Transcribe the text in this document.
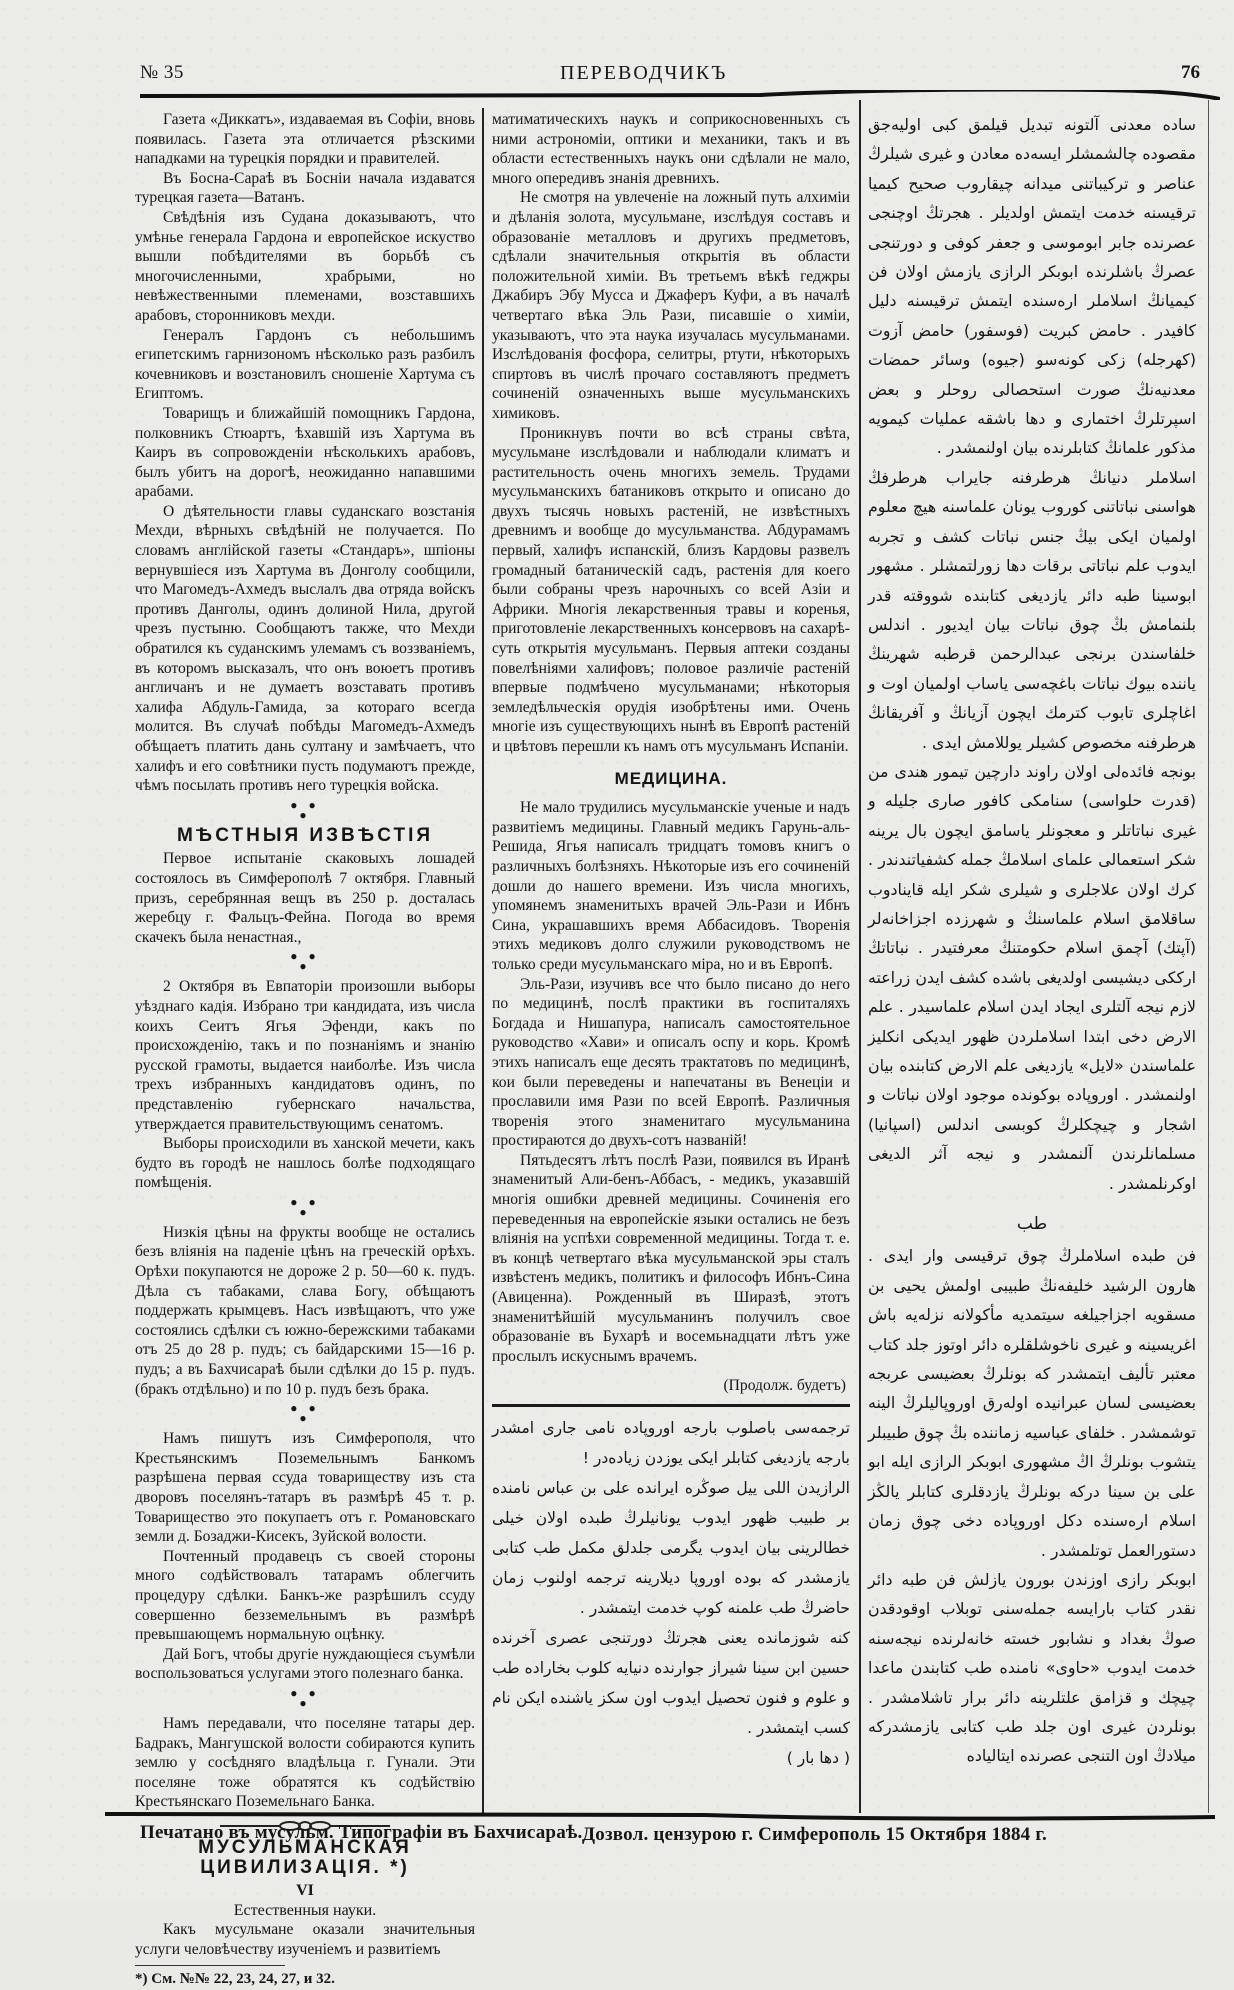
№ 35	ПЕРЕВОДЧИКЪ	76

Газета «Диккатъ», издаваемая въ Софіи, вновь появилась. Газета эта отличается рѣзскими нападками на турецкія порядки и правителей.

Въ Босна-Сараѣ въ Босніи начала издаватся турецкая газета—Ватанъ.

Свѣдѣнія изъ Судана доказываютъ, что умѣнье генерала Гардона и европейское искуство вышли побѣдителями въ борьбѣ съ многочисленными, храбрыми, но невѣжественными племенами, возставшихъ арабовъ, сторонниковъ мехди.

Генералъ Гардонъ съ небольшимъ египетскимъ гарнизономъ нѣсколько разъ разбилъ кочевниковъ и возстановилъ сношеніе Хартума съ Египтомъ.

Товарищъ и ближайшій помощникъ Гардона, полковникъ Стюартъ, ѣхавшій изъ Хартума въ Каиръ въ сопровожденіи нѣсколькихъ арабовъ, былъ убитъ на дорогѣ, неожиданно напавшими арабами.

О дѣятельности главы суданскаго возстанія Мехди, вѣрныхъ свѣдѣній не получается. По словамъ англійской газеты «Стандаръ», шпіоны вернувшіеся изъ Хартума въ Донголу сообщили, что Магомедъ-Ахмедъ выслалъ два отряда войскъ противъ Данголы, одинъ долиной Нила, другой чрезъ пустыню. Сообщаютъ также, что Мехди обратился къ суданскимъ улемамъ съ воззваніемъ, въ которомъ высказалъ, что онъ воюетъ противъ англичанъ и не думаетъ возставать противъ халифа Абдуль-Гамида, за котораго всегда молится. Въ случаѣ побѣды Магомедъ-Ахмедъ обѣщаетъ платить дань султану и замѣчаетъ, что халифъ и его совѣтники пусть подумаютъ прежде, чѣмъ посылать противъ него турецкія войска.

● ●
●
МѢСТНЫЯ ИЗВѢСТІЯ

Первое испытаніе скаковыхъ лошадей состоялось въ Симферополѣ 7 октября. Главный призъ, серебрянная вещъ въ 250 р. досталась жеребцу г. Фальцъ-Фейна. Погода во время скачекъ была ненастная.,

● ●
●

2 Октября въ Евпаторіи произошли выборы уѣзднаго кадія. Избрано три кандидата, изъ числа коихъ Сеитъ Ягья Эфенди, какъ по происхожденію, такъ и по познаніямъ и знанію русской грамоты, выдается наиболѣе. Изъ числа трехъ избранныхъ кандидатовъ одинъ, по представленію губернскаго начальства, утверждается правительствующимъ сенатомъ.

Выборы происходили въ ханской мечети, какъ будто въ городѣ не нашлось болѣе подходящаго помѣщенія.

● ●
●

Низкія цѣны на фрукты вообще не остались безъ вліянія на паденіе цѣнъ на греческій орѣхъ. Орѣхи покупаются не дороже 2 р. 50—60 к. пудъ. Дѣла съ табаками, слава Богу, обѣщаютъ поддержать крымцевъ. Насъ извѣщаютъ, что уже состоялись сдѣлки съ южно-бережскими табаками отъ 25 до 28 р. пудъ; съ байдарскими 15—16 р. пудъ; а въ Бахчисараѣ были сдѣлки до 15 р. пудъ. (бракъ отдѣльно) и по 10 р. пудъ безъ брака.

● ●
●

Намъ пишутъ изъ Симферополя, что Крестьянскимъ Поземельнымъ Банкомъ разрѣшена первая ссуда товариществу изъ ста дворовъ поселянъ-татаръ въ размѣрѣ 45 т. р. Товарищество это покупаетъ отъ г. Романовскаго земли д. Бозаджи-Кисекъ, Зуйской волости.

Почтенный продавецъ съ своей стороны много содѣйствовалъ татарамъ облегчить процедуру сдѣлки. Банкъ-же разрѣшилъ ссуду совершенно безземельнымъ въ размѣрѣ превышающемъ нормальную оцѣнку.

Дай Богъ, чтобы другіе нуждающіеся съумѣли воспользоваться услугами этого полезнаго банка.

● ●
●

Намъ передавали, что поселяне татары дер. Бадракъ, Мангушской волости собираются купить землю у сосѣдняго владѣльца г. Гунали. Эти поселяне тоже обратятся къ содѣйствію Крестьянскаго Поземельнаго Банка.

МУСУЛЬМАНСКАЯ ЦИВИЛИЗАЦІЯ. *)

VI

Естественныя науки.

Какъ мусульмане оказали значительныя услуги человѣчеству изученіемъ и развитіемъ

*) См. №№ 22, 23, 24, 27, и 32.

матиматическихъ наукъ и соприкосновенныхъ съ ними астрономіи, оптики и механики, такъ и въ области естественныхъ наукъ они сдѣлали не мало, много опередивъ знанія древнихъ.

Не смотря на увлеченіе на ложный путь алхиміи и дѣланія золота, мусульмане, изслѣдуя составъ и образованіе металловъ и другихъ предметовъ, сдѣлали значительныя открытія въ области положительной химіи. Въ третьемъ вѣкѣ геджры Джабиръ Эбу Мусса и Джаферъ Куфи, а въ началѣ четвертаго вѣка Эль Рази, писавшіе о химіи, указываютъ, что эта наука изучалась мусульманами. Изслѣдованія фосфора, селитры, ртути, нѣкоторыхъ спиртовъ въ числѣ прочаго составляютъ предметъ сочиненій означенныхъ выше мусульманскихъ химиковъ.

Проникнувъ почти во всѣ страны свѣта, мусульмане изслѣдовали и наблюдали климатъ и растительность очень многихъ земель. Трудами мусульманскихъ батаниковъ открыто и описано до двухъ тысячь новыхъ растеній, не извѣстныхъ древнимъ и вообще до мусульманства. Абдурамамъ первый, халифъ испанскій, близъ Кардовы развелъ громадный батаническій садъ, растенія для коего были собраны чрезъ нарочныхъ со всей Азіи и Африки. Многія лекарственныя травы и коренья, приготовленіе лекарственныхъ консервовъ на сахарѣ-суть открытія мусульманъ. Первыя аптеки созданы повелѣніями халифовъ; половое различіе растеній впервые подмѣчено мусульманами; нѣкоторыя земледѣльческія орудія изобрѣтены ими. Очень многіе изъ существующихъ нынѣ въ Европѣ растеній и цвѣтовъ перешли къ намъ отъ мусульманъ Испаніи.

МЕДИЦИНА.

Не мало трудились мусульманскіе ученые и надъ развитіемъ медицины. Главный медикъ Гарунь-аль-Решида, Ягья написалъ тридцатъ томовъ книгъ о различныхъ болѣзняхъ. Нѣкоторые изъ его сочиненій дошли до нашего времени. Изъ числа многихъ, упомянемъ знаменитыхъ врачей Эль-Рази и Ибнъ Сина, украшавшихъ время Аббасидовъ. Творенія этихъ медиковъ долго служили руководствомъ не только среди мусульманскаго міра, но и въ Европѣ.

Эль-Рази, изучивъ все что было писано до него по медицинѣ, послѣ практики въ госпиталяхъ Богдада и Нишапура, написалъ самостоятельное руководство «Хави» и описалъ оспу и корь. Кромѣ этихъ написалъ еще десять трактатовъ по медицинѣ, кои были переведены и напечатаны въ Венеціи и прославили имя Рази по всей Европѣ. Различныя творенія этого знаменитаго мусульманина простираются до двухъ-сотъ названій!

Пятьдесятъ лѣтъ послѣ Рази, появился въ Иранѣ знаменитый Али-бенъ-Аббасъ, - медикъ, указавшій многія ошибки древней медицины. Сочиненія его переведенныя на европейскіе языки остались не безъ вліянія на успѣхи современной медицины. Тогда т. е. въ концѣ четвертаго вѣка мусульманской эры сталъ извѣстенъ медикъ, политикъ и философъ Ибнъ-Сина (Авиценна). Рожденный въ Ширазѣ, этотъ знаменитѣйшій мусульманинъ получилъ свое образованіе въ Бухарѣ и восемьнадцати лѣтъ уже прослылъ искуснымъ врачемъ.

(Продолж. будетъ)

ترجمه‌سی باصلوب بارجه اوروپاده نامی جاری امشدر بارجه یازدیغی کتابلر ایکی یوزدن زیاده‌در !

الرازیدن اللی ییل صوڭره ایرانده علی بن عباس نامنده بر طبیب ظهور ایدوب یونانیلرڭ طبده اولان خیلی خطالرینی بیان ایدوب یگرمی جلدلق مکمل طب کتابی یازمشدر که بوده اوروپا دیلارینه ترجمه اولنوب زمان حاضرڭ طب علمنه کوپ خدمت ایتمشدر .

کنه شوزمانده یعنی هجرتڭ دورتنجی عصری آخرنده حسین ابن سینا شیراز جوارنده دنیایه کلوب بخاراده طب و علوم و فنون تحصیل ایدوب اون سکز یاشنده ایکن نام کسب ایتمشدر .

( دها بار )

ساده معدنی آلتونه تبدیل قیلمق کبی اولیه‌جق مقصوده چالشمشلر ایسه‌ده معادن و غیری شیلرڭ عناصر و ترکیباتنی میدانه چیقاروب صحیح کیمیا ترقیسنه خدمت ایتمش اولدیلر . هجرتڭ اوچنجی عصرنده جابر ابوموسی و جعفر کوفی و دورتنجی عصرڭ باشلرنده ابوبکر الرازی یازمش اولان فن کیمیانڭ اسلاملر ارەسنده ایتمش ترقیسنه دلیل کافیدر . حامض کبریت (فوسفور) حامض آزوت (کهرجله) زکی کونه‌سو (جیوه) وسائر حمضات معدنیه‌نڭ صورت استحصالی روحلر و بعض اسپرتلرڭ اختماری و دها باشقه عملیات کیمویه مذکور علمانڭ کتابلرنده بیان اولنمشدر .

اسلاملر دنیانڭ هرطرفنه جایراب هرطرفڭ هواسنی نباتاتنی کوروب یونان علماسنه هیچ معلوم اولمیان ایکی بیڭ جنس نباتات کشف و تجربه ایدوب علم نباتاتی برقات دها زورلتمشلر . مشهور ابوسینا طبه دائر یازدیغی کتابنده شووقته قدر بلنمامش بڭ چوق نباتات بیان ایدیور . اندلس خلفاسندن برنجی عبدالرحمن قرطبه شهرینڭ یاننده بیوك نباتات باغچه‌سی یاساب اولمیان اوت و اغاچلری تابوب کترمك ایچون آزیانڭ و آفریقانڭ هرطرفنه مخصوص کشیلر یوللامش ایدی .

بونجه فائده‌لی اولان راوند دارچین تیمور هندی من (قدرت حلواسی) سنامکی کافور صاری جلیله و غیری نباتاتلر و معجونلر یاسامق ایچون بال یرینه شکر استعمالی علمای اسلامڭ جمله کشفیاتندندر . کرك اولان علاجلری و شیلری شکر ایله قاینادوب ساقلامق اسلام علماسنڭ و شهرزده اجزاخانه‌لر (آپتك) آچمق اسلام حکومتنڭ معرفتیدر . نباتاتڭ ارککی دیشیسی اولدیغی باشده کشف ایدن زراعته لازم نیجه آلتلری ایجاد ایدن اسلام علماسیدر . علم الارض دخی ابتدا اسلاملردن ظهور ایدیکی انکلیز علماسندن «لایل» یازدیغی علم الارض کتابنده بیان اولنمشدر . اوروپاده بوکونده موجود اولان نباتات و اشجار و چیچکلرڭ کوبسی اندلس (اسپانیا) مسلمانلرندن آلنمشدر و نیجه آثر الدیغی اوکرنلمشدر .

طب

فن طبده اسلاملرڭ چوق ترقیسی وار ایدی . هارون الرشید خلیفه‌نڭ طبیبی اولمش یحیی بن مسقویه اجزاجیلغه سیتمدیه مأکولانه نزله‌یه باش اغریسینه و غیری ناخوشلقلره دائر اوتوز جلد کتاب معتبر تألیف ایتمشدر که بونلرڭ بعضیسی عربجه بعضیسی لسان عبرانیده اولەرق اوروپالیلرڭ الینه توشمشدر . خلفای عباسیه زماننده بڭ چوق طبیبلر یتشوب بونلرڭ اڭ مشهوری ابوبکر الرازی ایله ابو علی بن سینا درکه بونلرڭ یازدقلری کتابلر یالڭز اسلام ارەسنده دکل اوروپاده دخی چوق زمان دستورالعمل توتلمشدر .

ابوبکر رازی اوزندن بورون یازلش فن طبه دائر نقدر کتاب بارایسه جمله‌سنی توبلاب اوقودقدن صوڭ بغداد و نشابور خسته خانه‌لرنده نیجه‌سنه خدمت ایدوب «حاوی» نامنده طب کتابندن ماعدا چیچك و قزامق علتلرینه دائر برار تاشلامشدر . بونلردن غیری اون جلد طب کتابی یازمشدرکه میلادڭ اون التنجی عصرنده ایتالیاده

Печатано въ мусульм. Типографіи въ Бахчисараѣ. Дозвол. цензурою г. Симферополь 15 Октября 1884 г.
